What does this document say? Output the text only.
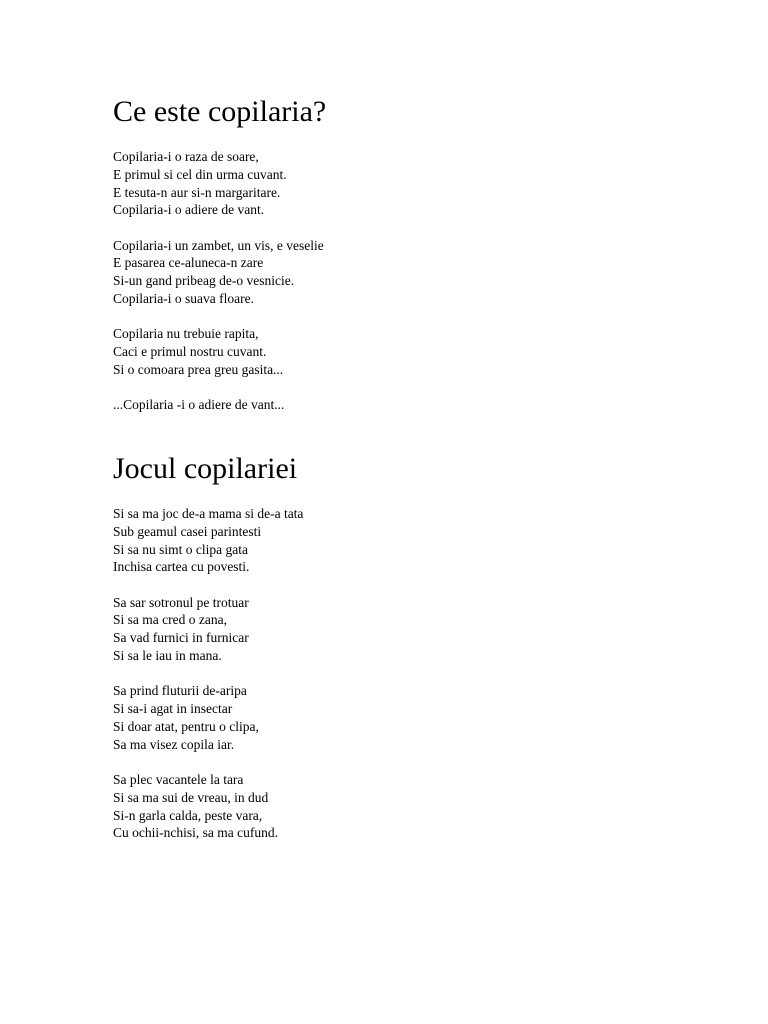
Ce este copilaria?
Copilaria-i o raza de soare,
E primul si cel din urma cuvant.
E tesuta-n aur si-n margaritare.
Copilaria-i o adiere de vant.
Copilaria-i un zambet, un vis, e veselie
E pasarea ce-aluneca-n zare
Si-un gand pribeag de-o vesnicie.
Copilaria-i o suava floare.
Copilaria nu trebuie rapita,
Caci e primul nostru cuvant.
Si o comoara prea greu gasita...
...Copilaria -i o adiere de vant...
Jocul copilariei
Si sa ma joc de-a mama si de-a tata
Sub geamul casei parintesti
Si sa nu simt o clipa gata
Inchisa cartea cu povesti.
Sa sar sotronul pe trotuar
Si sa ma cred o zana,
Sa vad furnici in furnicar
Si sa le iau in mana.
Sa prind fluturii de-aripa
Si sa-i agat in insectar
Si doar atat, pentru o clipa,
Sa ma visez copila iar.
Sa plec vacantele la tara
Si sa ma sui de vreau, in dud
Si-n garla calda, peste vara,
Cu ochii-nchisi, sa ma cufund.
